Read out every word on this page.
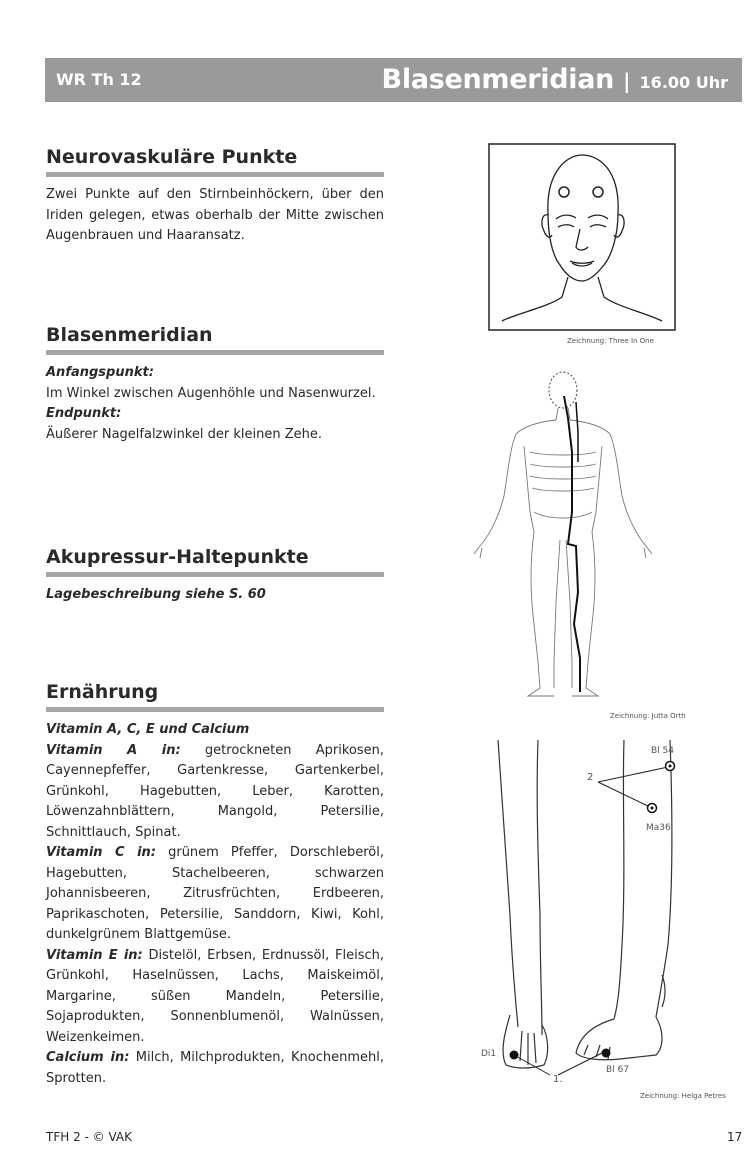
WR Th 12	Blasenmeridian | 16.00 Uhr
Neurovaskuläre Punkte

Zwei Punkte auf den Stirnbeinhöckern, über den Iriden gelegen, etwas oberhalb der Mitte zwischen Augenbrauen und Haaransatz.

Blasenmeridian

Anfangspunkt:
Im Winkel zwischen Augenhöhle und Nasenwurzel.
Endpunkt:
Äußerer Nagelfalzwinkel der kleinen Zehe.

Akupressur-Haltepunkte

Lagebeschreibung siehe S. 60

Ernährung

Vitamin A, C, E und Calcium
Vitamin A in: getrockneten Aprikosen, Cayennepfeffer, Gartenkresse, Gartenkerbel, Grünkohl, Hagebutten, Leber, Karotten, Löwenzahnblättern, Mangold, Petersilie, Schnittlauch, Spinat.
Vitamin C in: grünem Pfeffer, Dorschleberöl, Hagebutten, Stachelbeeren, schwarzen Johannisbeeren, Zitrusfrüchten, Erdbeeren, Paprikaschoten, Petersilie, Sanddorn, Kiwi, Kohl, dunkelgrünem Blattgemüse.
Vitamin E in: Distelöl, Erbsen, Erdnussöl, Fleisch, Grünkohl, Haselnüssen, Lachs, Maiskeimöl, Margarine, süßen Mandeln, Petersilie, Sojaprodukten, Sonnenblumenöl, Walnüssen, Weizenkeimen.
Calcium in: Milch, Milchprodukten, Knochenmehl, Sprotten.

Zeichnung: Three In One
Zeichnung: Jutta Orth
Bl 54
Ma36
2
Di1
Bl 67
1.
Zeichnung: Helga Petres
TFH 2 - © VAK	17
